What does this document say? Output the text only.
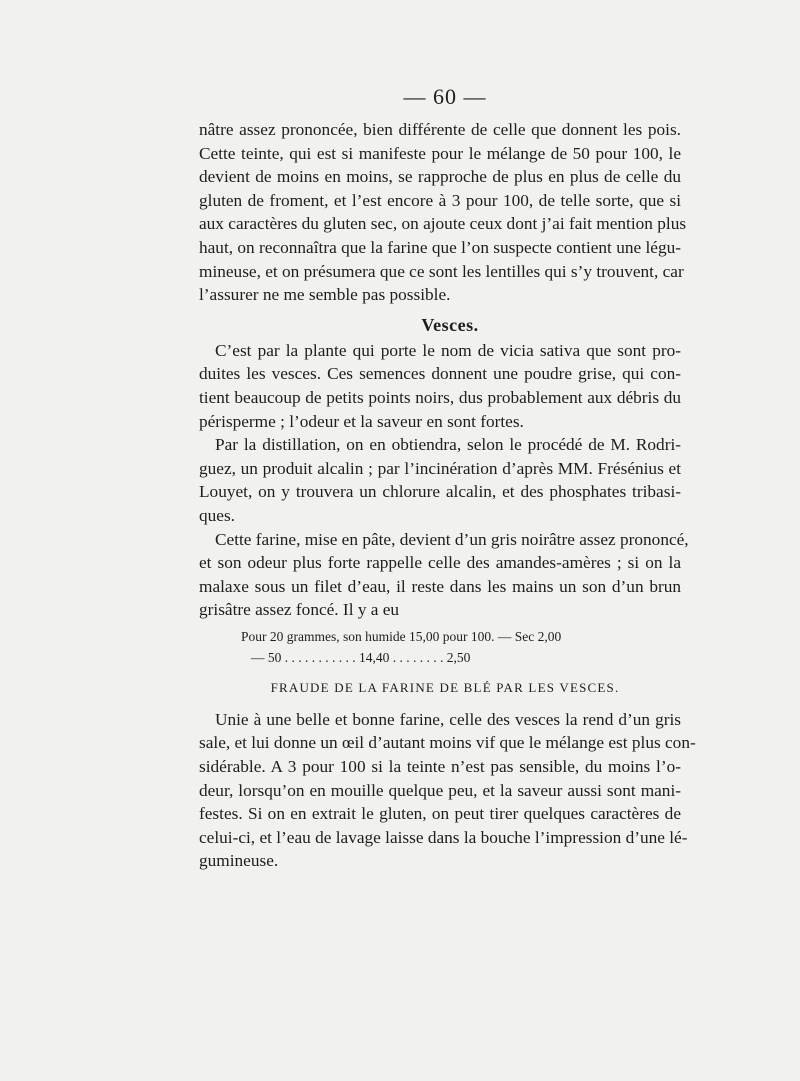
— 60 —
nâtre assez prononcée, bien différente de celle que donnent les pois.
Cette teinte, qui est si manifeste pour le mélange de 50 pour 100, le
devient de moins en moins, se rapproche de plus en plus de celle du
gluten de froment, et l’est encore à 3 pour 100, de telle sorte, que si
aux caractères du gluten sec, on ajoute ceux dont j’ai fait mention plus
haut, on reconnaîtra que la farine que l’on suspecte contient une légu-
mineuse, et on présumera que ce sont les lentilles qui s’y trouvent, car
l’assurer ne me semble pas possible.
Vesces.
C’est par la plante qui porte le nom de vicia sativa que sont pro-
duites les vesces. Ces semences donnent une poudre grise, qui con-
tient beaucoup de petits points noirs, dus probablement aux débris du
périsperme ; l’odeur et la saveur en sont fortes.
Par la distillation, on en obtiendra, selon le procédé de M. Rodri-
guez, un produit alcalin ; par l’incinération d’après MM. Frésénius et
Louyet, on y trouvera un chlorure alcalin, et des phosphates tribasi-
ques.
Cette farine, mise en pâte, devient d’un gris noirâtre assez prononcé,
et son odeur plus forte rappelle celle des amandes-amères ; si on la
malaxe sous un filet d’eau, il reste dans les mains un son d’un brun
grisâtre assez foncé. Il y a eu
Pour 20 grammes, son humide 15,00 pour 100. — Sec 2,00
— 50 . . . . . . . . . . . 14,40 . . . . . . . . 2,50
FRAUDE DE LA FARINE DE BLÉ PAR LES VESCES.
Unie à une belle et bonne farine, celle des vesces la rend d’un gris
sale, et lui donne un œil d’autant moins vif que le mélange est plus con-
sidérable. A 3 pour 100 si la teinte n’est pas sensible, du moins l’o-
deur, lorsqu’on en mouille quelque peu, et la saveur aussi sont mani-
festes. Si on en extrait le gluten, on peut tirer quelques caractères de
celui-ci, et l’eau de lavage laisse dans la bouche l’impression d’une lé-
gumineuse.
